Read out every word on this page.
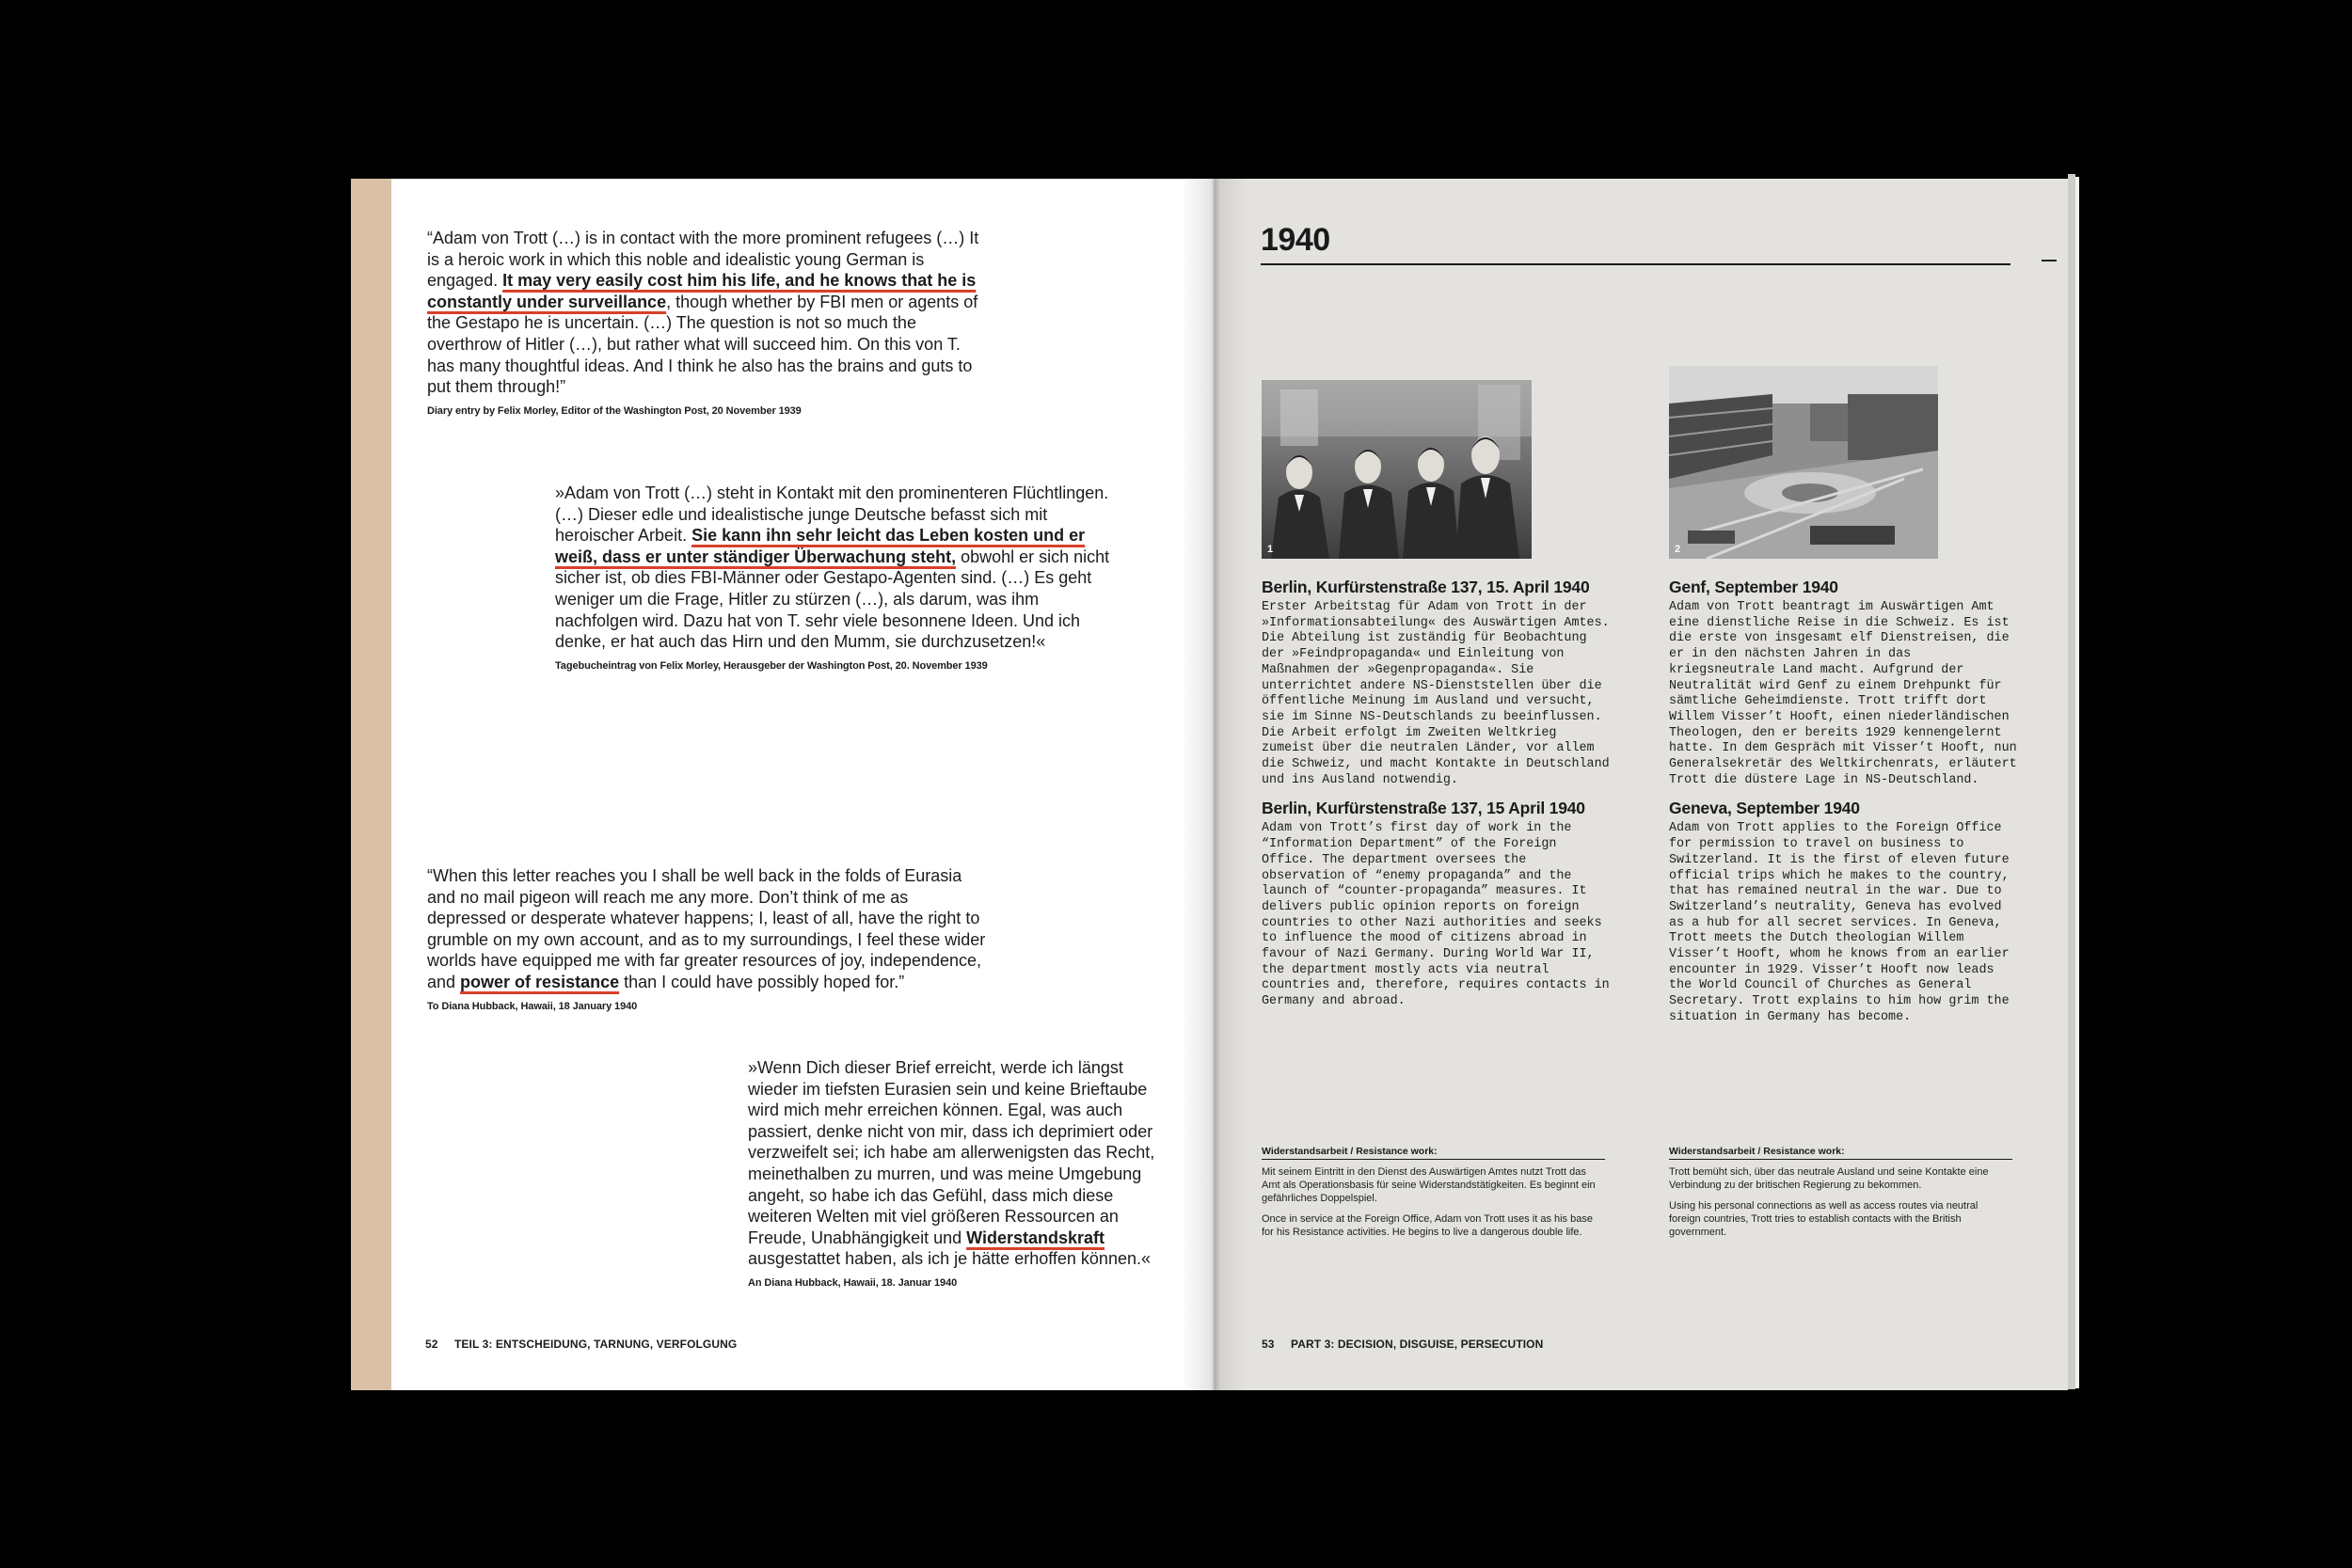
“Adam von Trott (…) is in contact with the more prominent refugees (…) It is a heroic work in which this noble and idealistic young German is engaged. It may very easily cost him his life, and he knows that he is constantly under surveillance, though whether by FBI men or agents of the Gestapo he is uncertain. (…) The question is not so much the overthrow of Hitler (…), but rather what will succeed him. On this von T. has many thoughtful ideas. And I think he also has the brains and guts to put them through!”
Diary entry by Felix Morley, Editor of the Washington Post, 20 November 1939
»Adam von Trott (…) steht in Kontakt mit den prominenteren Flüchtlingen. (…) Dieser edle und idealistische junge Deutsche befasst sich mit heroischer Arbeit. Sie kann ihn sehr leicht das Leben kosten und er weiß, dass er unter ständiger Überwachung steht, obwohl er sich nicht sicher ist, ob dies FBI-Männer oder Gestapo-Agenten sind. (…) Es geht weniger um die Frage, Hitler zu stürzen (…), als darum, was ihm nachfolgen wird. Dazu hat von T. sehr viele besonnene Ideen. Und ich denke, er hat auch das Hirn und den Mumm, sie durchzusetzen!«
Tagebucheintrag von Felix Morley, Herausgeber der Washington Post, 20. November 1939
“When this letter reaches you I shall be well back in the folds of Eurasia and no mail pigeon will reach me any more. Don’t think of me as depressed or desperate whatever happens; I, least of all, have the right to grumble on my own account, and as to my surroundings, I feel these wider worlds have equipped me with far greater resources of joy, independence, and power of resistance than I could have possibly hoped for.”
To Diana Hubback, Hawaii, 18 January 1940
»Wenn Dich dieser Brief erreicht, werde ich längst wieder im tiefsten Eurasien sein und keine Brieftaube wird mich mehr erreichen können. Egal, was auch passiert, denke nicht von mir, dass ich deprimiert oder verzweifelt sei; ich habe am allerwenigsten das Recht, meinethalben zu murren, und was meine Umgebung angeht, so habe ich das Gefühl, dass mich diese weiteren Welten mit viel größeren Ressourcen an Freude, Unabhängigkeit und Widerstandskraft ausgestattet haben, als ich je hätte erhoffen können.«
An Diana Hubback, Hawaii, 18. Januar 1940
52 TEIL 3: ENTSCHEIDUNG, TARNUNG, VERFOLGUNG
1940
1	2
Berlin, Kurfürstenstraße 137, 15. April 1940
Erster Arbeitstag für Adam von Trott in der »Informationsabteilung« des Auswärtigen Amtes. Die Abteilung ist zuständig für Beobachtung der »Feindpropaganda« und Einleitung von Maßnahmen der »Gegenpropaganda«. Sie unterrichtet andere NS-Dienststellen über die öffentliche Meinung im Ausland und versucht, sie im Sinne NS-Deutschlands zu beeinflussen. Die Arbeit erfolgt im Zweiten Weltkrieg zumeist über die neutralen Länder, vor allem die Schweiz, und macht Kontakte in Deutschland und ins Ausland notwendig.
Berlin, Kurfürstenstraße 137, 15 April 1940
Adam von Trott’s first day of work in the “Information Department” of the Foreign Office. The department oversees the observation of “enemy propaganda” and the launch of “counter-propaganda” measures. It delivers public opinion reports on foreign countries to other Nazi authorities and seeks to influence the mood of citizens abroad in favour of Nazi Germany. During World War II, the department mostly acts via neutral countries and, therefore, requires contacts in Germany and abroad.
Widerstandsarbeit / Resistance work:
Mit seinem Eintritt in den Dienst des Auswärtigen Amtes nutzt Trott das Amt als Operationsbasis für seine Widerstandstätigkeiten. Es beginnt ein gefährliches Doppelspiel.
Once in service at the Foreign Office, Adam von Trott uses it as his base for his Resistance activities. He begins to live a dangerous double life.
Genf, September 1940
Adam von Trott beantragt im Auswärtigen Amt eine dienstliche Reise in die Schweiz. Es ist die erste von insgesamt elf Dienstreisen, die er in den nächsten Jahren in das kriegsneutrale Land macht. Aufgrund der Neutralität wird Genf zu einem Drehpunkt für sämtliche Geheimdienste. Trott trifft dort Willem Visser’t Hooft, einen niederländischen Theologen, den er bereits 1929 kennengelernt hatte. In dem Gespräch mit Visser’t Hooft, nun Generalsekretär des Weltkirchenrats, erläutert Trott die düstere Lage in NS-Deutschland.
Geneva, September 1940
Adam von Trott applies to the Foreign Office for permission to travel on business to Switzerland. It is the first of eleven future official trips which he makes to the country, that has remained neutral in the war. Due to Switzerland’s neutrality, Geneva has evolved as a hub for all secret services. In Geneva, Trott meets the Dutch theologian Willem Visser’t Hooft, whom he knows from an earlier encounter in 1929. Visser’t Hooft now leads the World Council of Churches as General Secretary. Trott explains to him how grim the situation in Germany has become.
Widerstandsarbeit / Resistance work:
Trott bemüht sich, über das neutrale Ausland und seine Kontakte eine Verbindung zu der britischen Regierung zu bekommen.
Using his personal connections as well as access routes via neutral foreign countries, Trott tries to establish contacts with the British government.
53 PART 3: DECISION, DISGUISE, PERSECUTION
